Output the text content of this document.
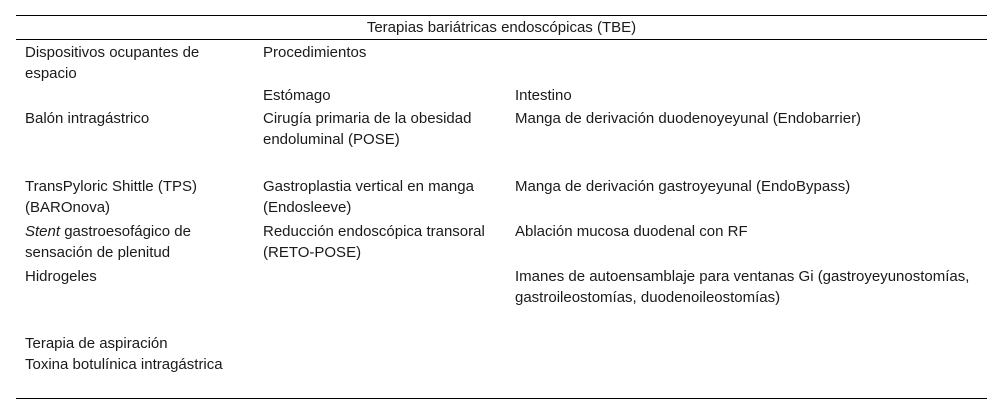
Terapias bariátricas endoscópicas (TBE)		
Dispositivos ocupantes de espacio	Procedimientos	
	Estómago	Intestino
Balón intragástrico	Cirugía primaria de la obesidad endoluminal (POSE)	Manga de derivación duodenoyeyunal (Endobarrier)
TransPyloric Shittle (TPS) (BAROnova)	Gastroplastia vertical en manga (Endosleeve)	Manga de derivación gastroyeyunal (EndoBypass)
Stent gastroesofágico de sensación de plenitud	Reducción endoscópica transoral (RETO-POSE)	Ablación mucosa duodenal con RF
Hidrogeles		Imanes de autoensamblaje para ventanas Gi (gastroyeyunostomías, gastroileostomías, duodenoileostomías)
Terapia de aspiración		
Toxina botulínica intragástrica		
